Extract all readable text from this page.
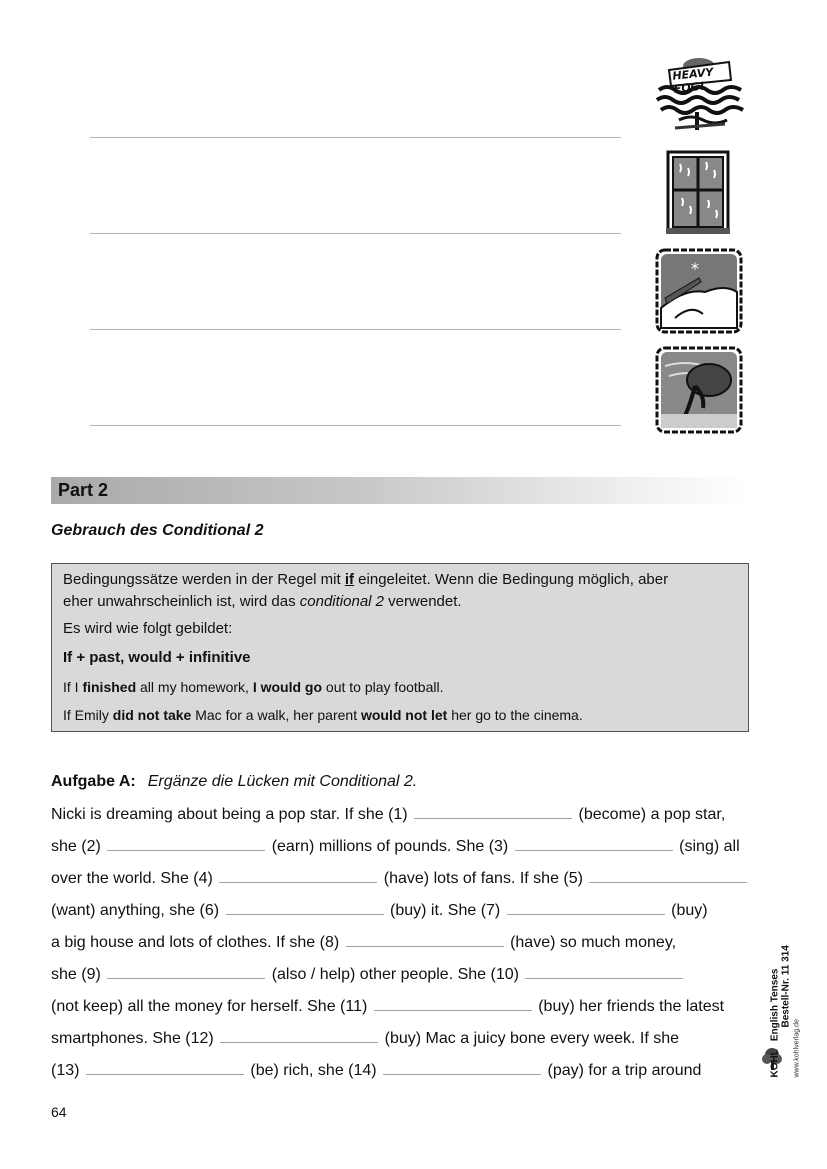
HEAVY FOG!
*
Part 2
Gebrauch des Conditional 2
Bedingungssätze werden in der Regel mit if eingeleitet. Wenn die Bedingung möglich, aber
eher unwahrscheinlich ist, wird das conditional 2 verwendet.
Es wird wie folgt gebildet:
If + past, would + infinitive
If I finished all my homework, I would go out to play football.
If Emily did not take Mac for a walk, her parent would not let her go to the cinema.
Aufgabe A: Ergänze die Lücken mit Conditional 2.
Nicki is dreaming about being a pop star. If she (1)	(become) a pop star,
she (2)	(earn) millions of pounds. She (3)	(sing) all
over the world. She (4)	(have) lots of fans. If she (5)
(want) anything, she (6)	(buy) it. She (7)	(buy)
a big house and lots of clothes. If she (8)	(have) so much money,
she (9)	(also / help) other people. She (10)
(not keep) all the money for herself. She (11)	(buy) her friends the latest
smartphones. She (12)	(buy) Mac a juicy bone every week. If she
(13)	(be) rich, she (14)	(pay) for a trip around
64
KOHLEnglish Tenses Bestell-Nr. 11 314
www.kohlverlag.de
